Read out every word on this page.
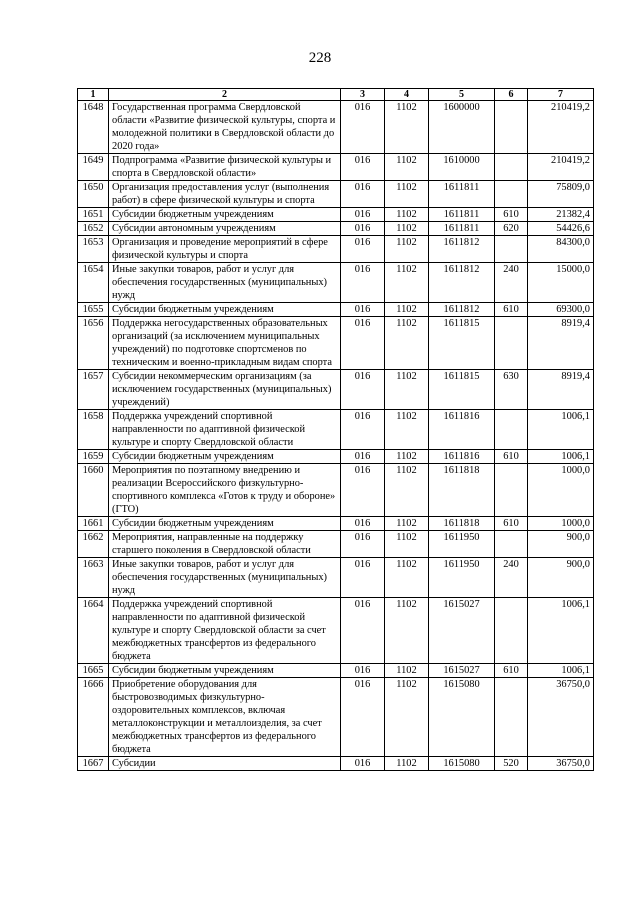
228
1	2	3	4	5	6	7
1648	Государственная программа Свердловской области «Развитие физической культуры, спорта и молодежной политики в Свердловской области до 2020 года»	016	1102	1600000		210419,2
1649	Подпрограмма «Развитие физической культуры и спорта в Свердловской области»	016	1102	1610000		210419,2
1650	Организация предоставления услуг (выполнения работ) в сфере физической культуры и спорта	016	1102	1611811		75809,0
1651	Субсидии бюджетным учреждениям	016	1102	1611811	610	21382,4
1652	Субсидии автономным учреждениям	016	1102	1611811	620	54426,6
1653	Организация и проведение мероприятий в сфере физической культуры и спорта	016	1102	1611812		84300,0
1654	Иные закупки товаров, работ и услуг для обеспечения государственных (муниципальных) нужд	016	1102	1611812	240	15000,0
1655	Субсидии бюджетным учреждениям	016	1102	1611812	610	69300,0
1656	Поддержка негосударственных образовательных организаций (за исключением муниципальных учреждений) по подготовке спортсменов по техническим и военно-прикладным видам спорта	016	1102	1611815		8919,4
1657	Субсидии некоммерческим организациям (за исключением государственных (муниципальных) учреждений)	016	1102	1611815	630	8919,4
1658	Поддержка учреждений спортивной направленности по адаптивной физической культуре и спорту Свердловской области	016	1102	1611816		1006,1
1659	Субсидии бюджетным учреждениям	016	1102	1611816	610	1006,1
1660	Мероприятия по поэтапному внедрению и реализации Всероссийского физкультурно-спортивного комплекса «Готов к труду и обороне» (ГТО)	016	1102	1611818		1000,0
1661	Субсидии бюджетным учреждениям	016	1102	1611818	610	1000,0
1662	Мероприятия, направленные на поддержку старшего поколения в Свердловской области	016	1102	1611950		900,0
1663	Иные закупки товаров, работ и услуг для обеспечения государственных (муниципальных) нужд	016	1102	1611950	240	900,0
1664	Поддержка учреждений спортивной направленности по адаптивной физической культуре и спорту Свердловской области за счет межбюджетных трансфертов из федерального бюджета	016	1102	1615027		1006,1
1665	Субсидии бюджетным учреждениям	016	1102	1615027	610	1006,1
1666	Приобретение оборудования для быстровозводимых физкультурно-оздоровительных комплексов, включая металлоконструкции и металлоизделия, за счет межбюджетных трансфертов из федерального бюджета	016	1102	1615080		36750,0
1667	Субсидии	016	1102	1615080	520	36750,0
